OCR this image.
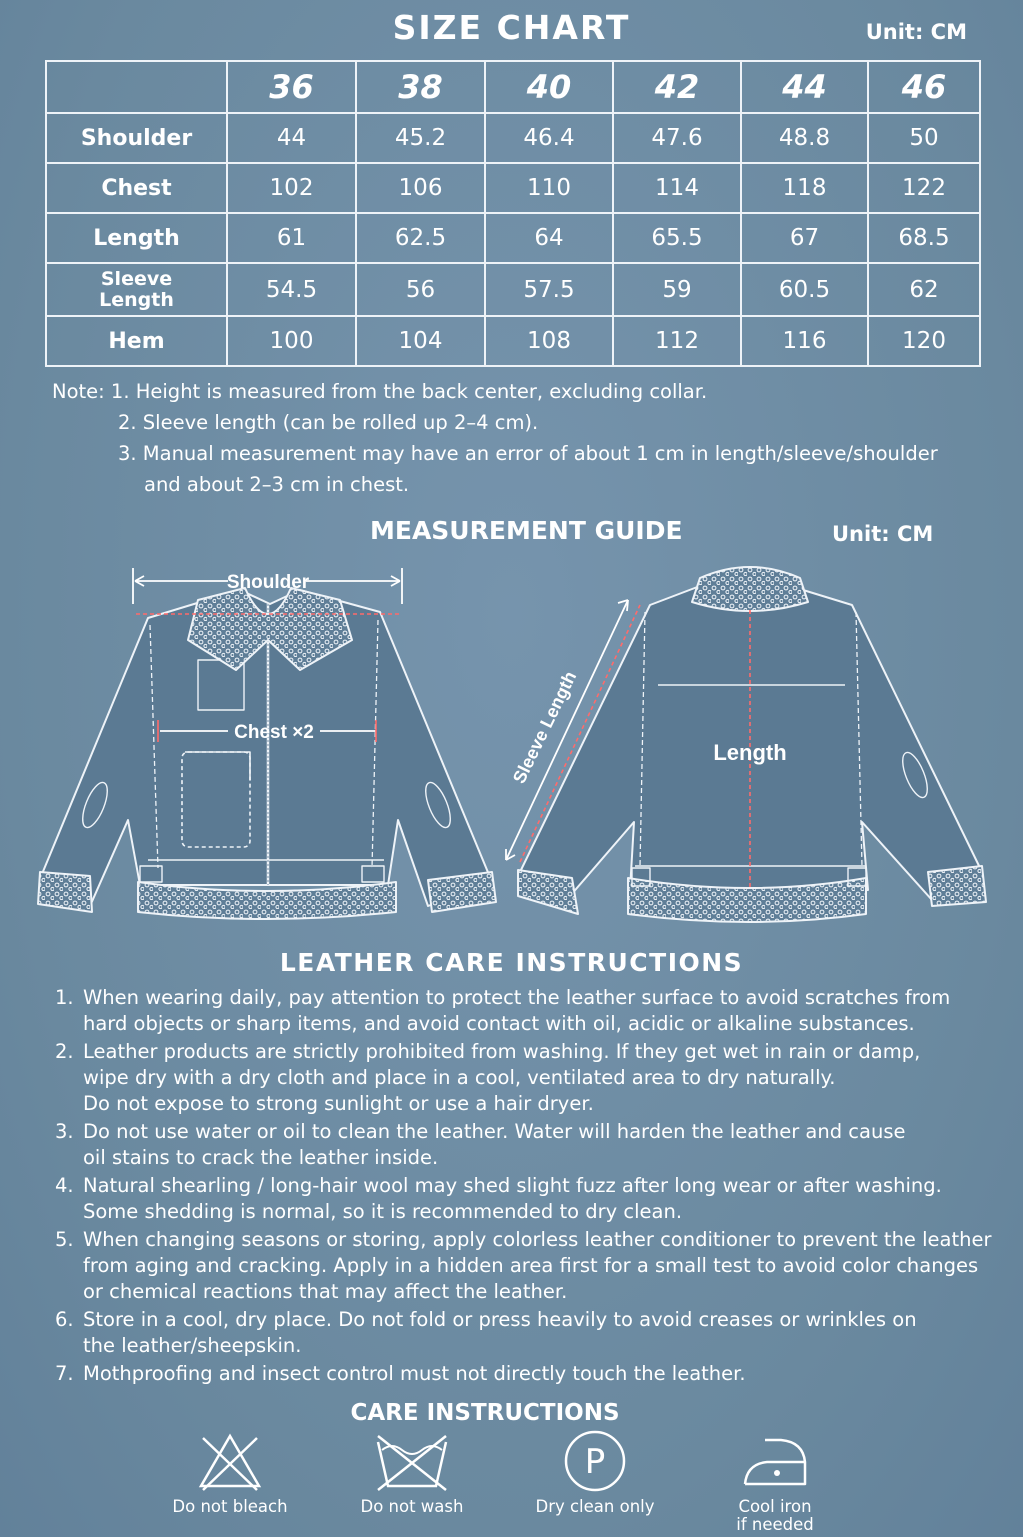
SIZE CHART	Unit: CM
	36	38	40	42	44	46
Shoulder	44	45.2	46.4	47.6	48.8	50
Chest	102	106	110	114	118	122
Length	61	62.5	64	65.5	67	68.5

Sleeve
Length	54.5	56	57.5	59	60.5	62
Hem	100	104	108	112	116	120
Note: 1. Height is measured from the back center, excluding collar.
2. Sleeve length (can be rolled up 2–4 cm).
3. Manual measurement may have an error of about 1 cm in length/sleeve/shoulder
and about 2–3 cm in chest.
MEASUREMENT GUIDE	Unit: CM
Shoulder
Chest ×2	Sleeve Length	Length
LEATHER CARE INSTRUCTIONS
1. When wearing daily, pay attention to protect the leather surface to avoid scratches from
hard objects or sharp items, and avoid contact with oil, acidic or alkaline substances.
2. Leather products are strictly prohibited from washing. If they get wet in rain or damp,
wipe dry with a dry cloth and place in a cool, ventilated area to dry naturally.
Do not expose to strong sunlight or use a hair dryer.
3. Do not use water or oil to clean the leather. Water will harden the leather and cause
oil stains to crack the leather inside.
4. Natural shearling / long-hair wool may shed slight fuzz after long wear or after washing.
Some shedding is normal, so it is recommended to dry clean.
5. When changing seasons or storing, apply colorless leather conditioner to prevent the leather
from aging and cracking. Apply in a hidden area first for a small test to avoid color changes
or chemical reactions that may affect the leather.
6. Store in a cool, dry place. Do not fold or press heavily to avoid creases or wrinkles on
the leather/sheepskin.
7. Mothproofing and insect control must not directly touch the leather.
CARE INSTRUCTIONS
Do not bleach	Do not wash
P
Dry clean only	Cool iron
if needed
